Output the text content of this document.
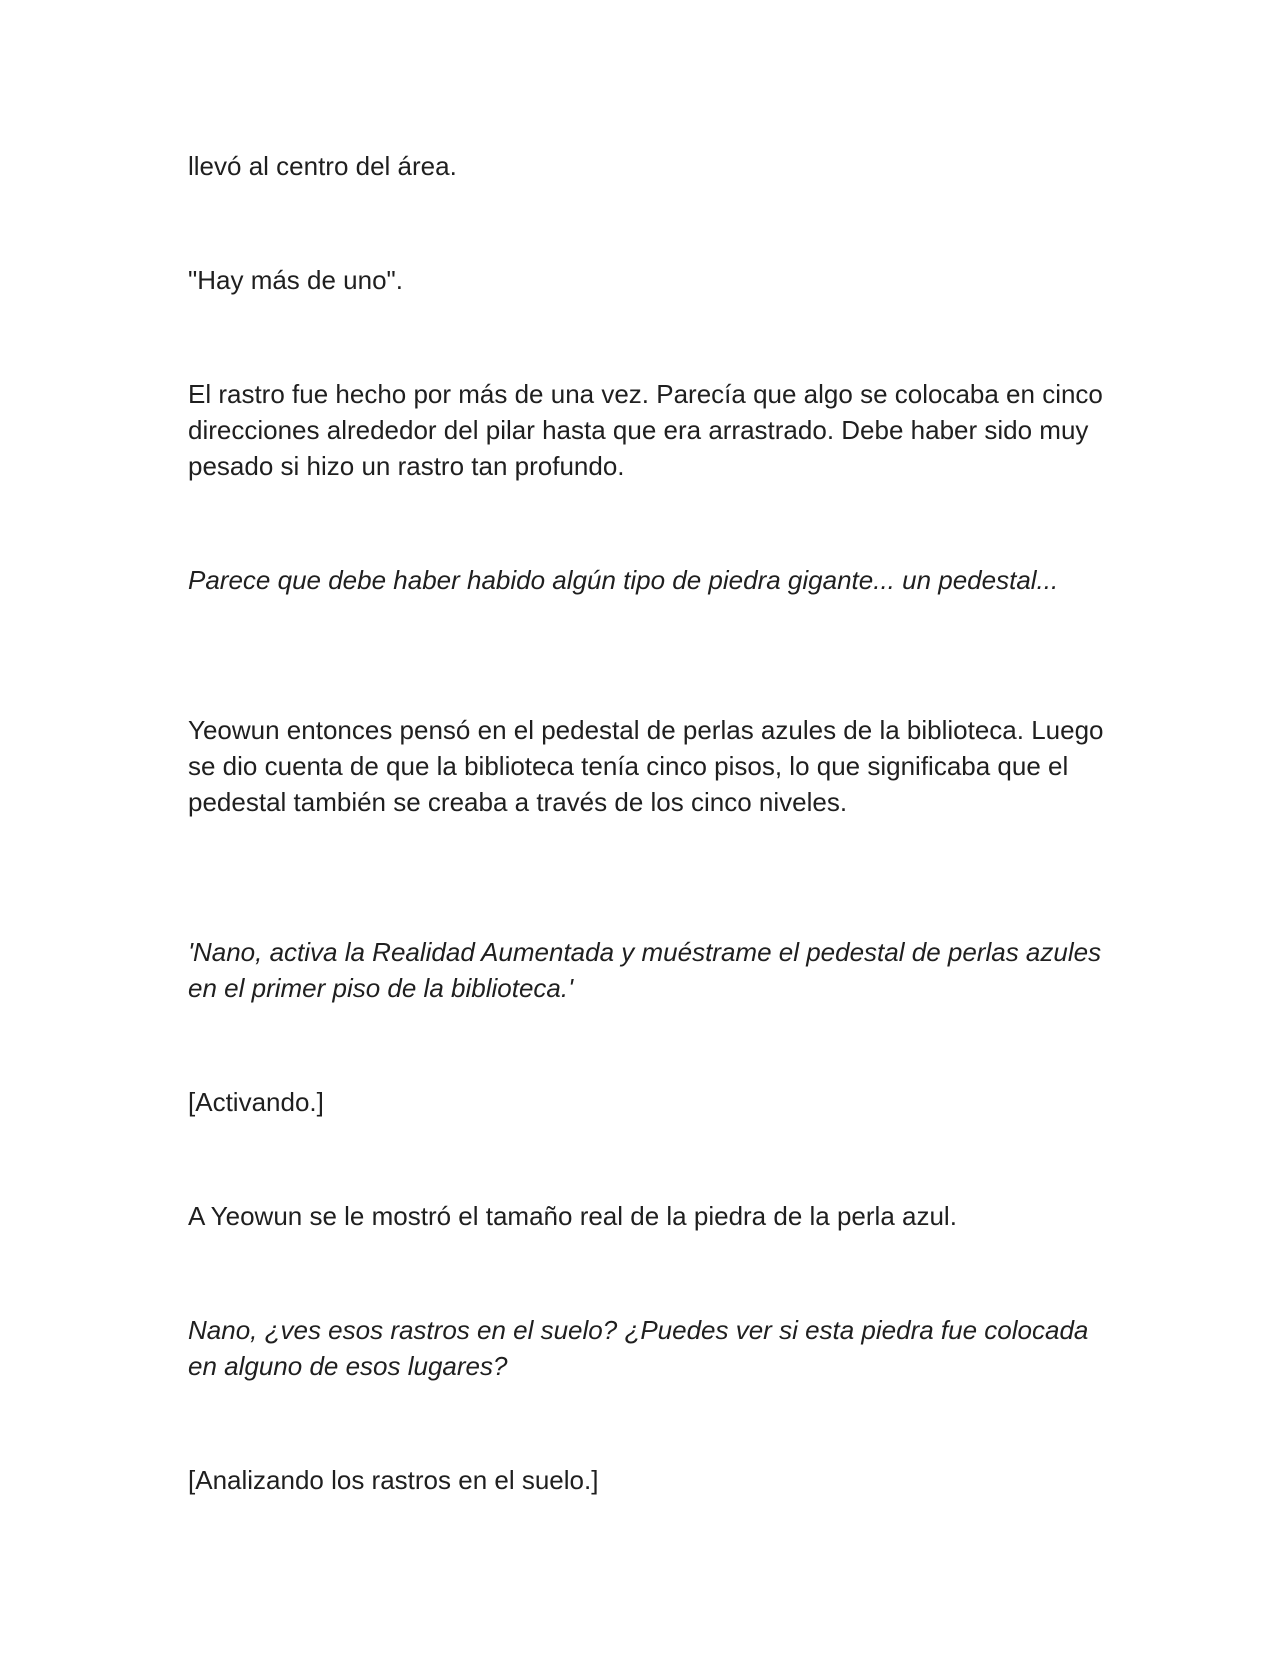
llevó al centro del área.

"Hay más de uno".

El rastro fue hecho por más de una vez. Parecía que algo se colocaba en cinco direcciones alrededor del pilar hasta que era arrastrado. Debe haber sido muy pesado si hizo un rastro tan profundo.

Parece que debe haber habido algún tipo de piedra gigante... un pedestal...

Yeowun entonces pensó en el pedestal de perlas azules de la biblioteca. Luego se dio cuenta de que la biblioteca tenía cinco pisos, lo que significaba que el pedestal también se creaba a través de los cinco niveles.

'Nano, activa la Realidad Aumentada y muéstrame el pedestal de perlas azules en el primer piso de la biblioteca.'

[Activando.]

A Yeowun se le mostró el tamaño real de la piedra de la perla azul.

Nano, ¿ves esos rastros en el suelo? ¿Puedes ver si esta piedra fue colocada en alguno de esos lugares?

[Analizando los rastros en el suelo.]
